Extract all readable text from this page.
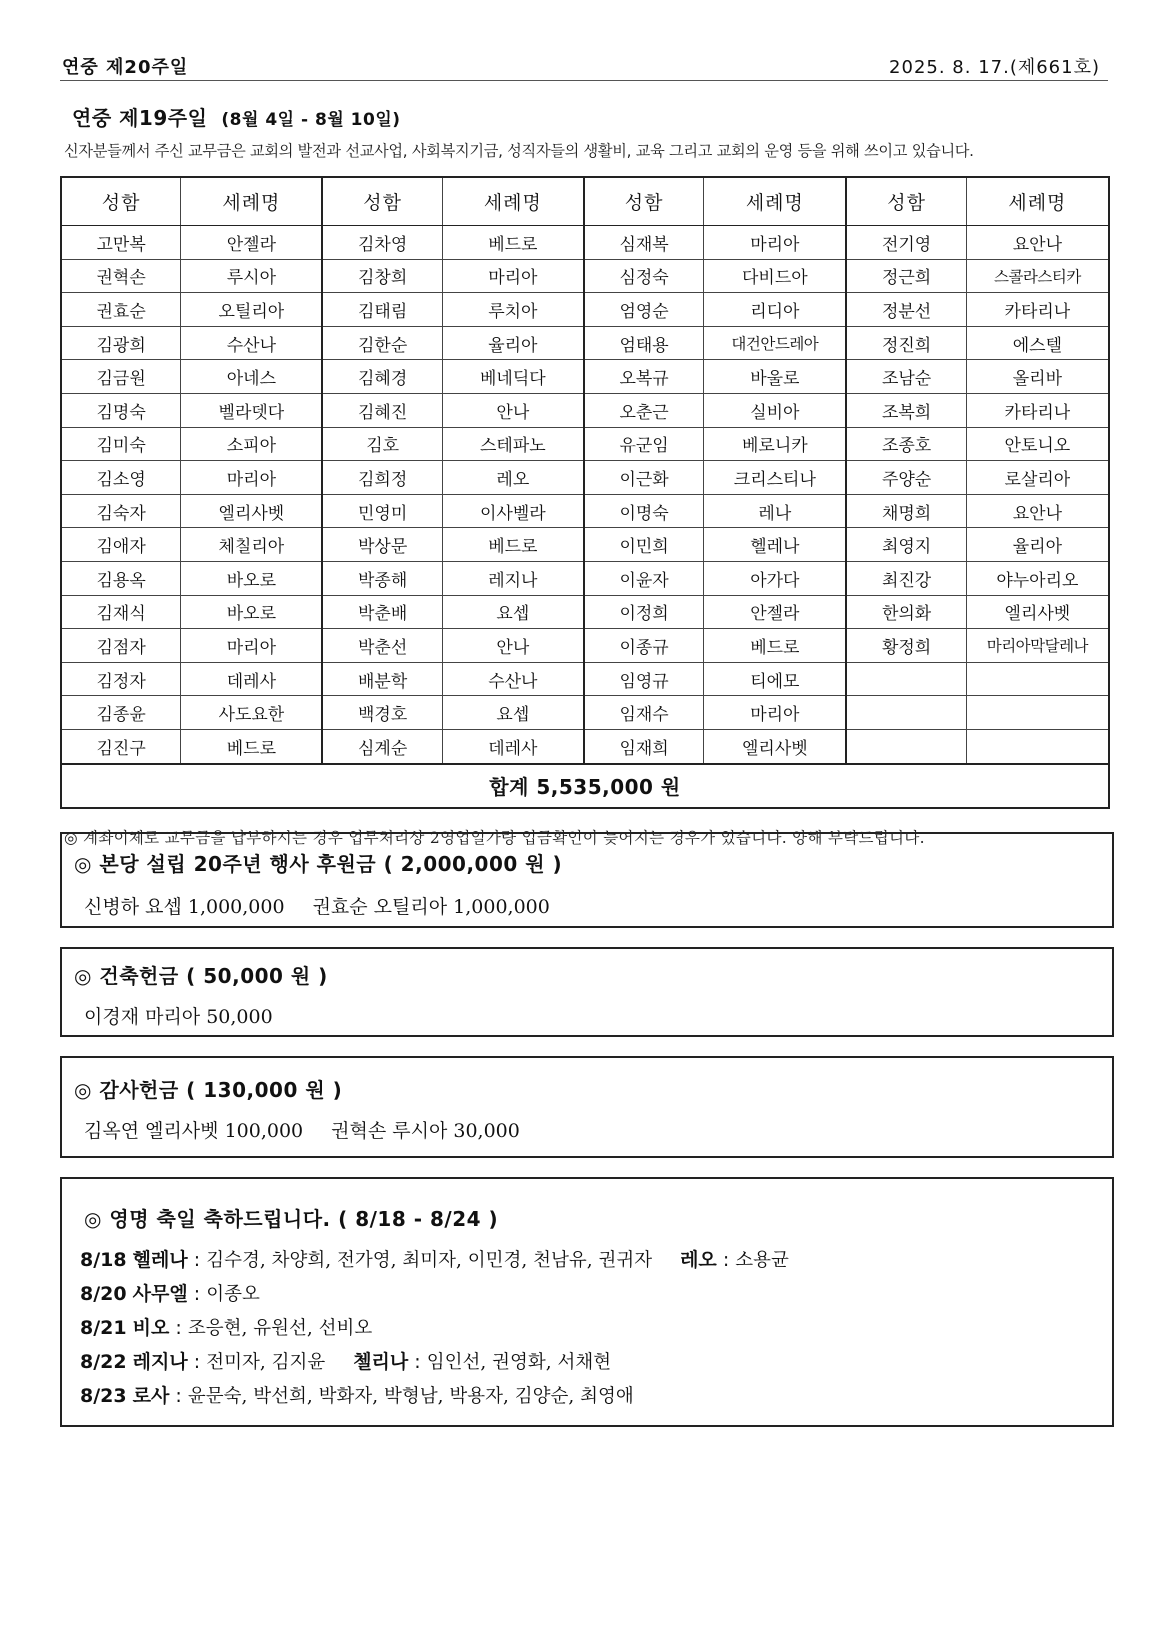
연중 제20주일	2025. 8. 17.(제661호)
연중 제19주일 (8월 4일 - 8월 10일)
신자분들께서 주신 교무금은 교회의 발전과 선교사업, 사회복지기금, 성직자들의 생활비, 교육 그리고 교회의 운영 등을 위해 쓰이고 있습니다.
성함	세례명	성함	세례명	성함	세례명	성함	세례명
고만복	안젤라	김차영	베드로	심재복	마리아	전기영	요안나
권혁손	루시아	김창희	마리아	심정숙	다비드아	정근희	스콜라스티카
권효순	오틸리아	김태림	루치아	엄영순	리디아	정분선	카타리나
김광희	수산나	김한순	율리아	엄태용	대건안드레아	정진희	에스텔
김금원	아네스	김혜경	베네딕다	오복규	바울로	조남순	올리바
김명숙	벨라뎃다	김혜진	안나	오춘근	실비아	조복희	카타리나
김미숙	소피아	김호	스테파노	유군임	베로니카	조종호	안토니오
김소영	마리아	김희정	레오	이근화	크리스티나	주양순	로살리아
김숙자	엘리사벳	민영미	이사벨라	이명숙	레나	채명희	요안나
김애자	체칠리아	박상문	베드로	이민희	헬레나	최영지	율리아
김용옥	바오로	박종해	레지나	이윤자	아가다	최진강	야누아리오
김재식	바오로	박춘배	요셉	이정희	안젤라	한의화	엘리사벳
김점자	마리아	박춘선	안나	이종규	베드로	황정희	마리아막달레나
김정자	데레사	배분학	수산나	임영규	티에모		
김종윤	사도요한	백경호	요셉	임재수	마리아		
김진구	베드로	심계순	데레사	임재희	엘리사벳		
합계 5,535,000 원							
◎ 계좌이체로 교무금을 납부하시는 경우 업무처리상 2영업일가량 입금확인이 늦어지는 경우가 있습니다. 양해 부탁드립니다.
◎ 본당 설립 20주년 행사 후원금 ( 2,000,000 원 )
신병하 요셉 1,000,000 권효순 오틸리아 1,000,000
◎ 건축헌금 ( 50,000 원 )
이경재 마리아 50,000
◎ 감사헌금 ( 130,000 원 )
김옥연 엘리사벳 100,000 권혁손 루시아 30,000
◎ 영명 축일 축하드립니다. ( 8/18 - 8/24 )
8/18 헬레나 : 김수경, 차양희, 전가영, 최미자, 이민경, 천남유, 권귀자 레오 : 소용균
8/20 사무엘 : 이종오
8/21 비오 : 조응현, 유원선, 선비오
8/22 레지나 : 전미자, 김지윤 첼리나 : 임인선, 권영화, 서채현
8/23 로사 : 윤문숙, 박선희, 박화자, 박형남, 박용자, 김양순, 최영애
